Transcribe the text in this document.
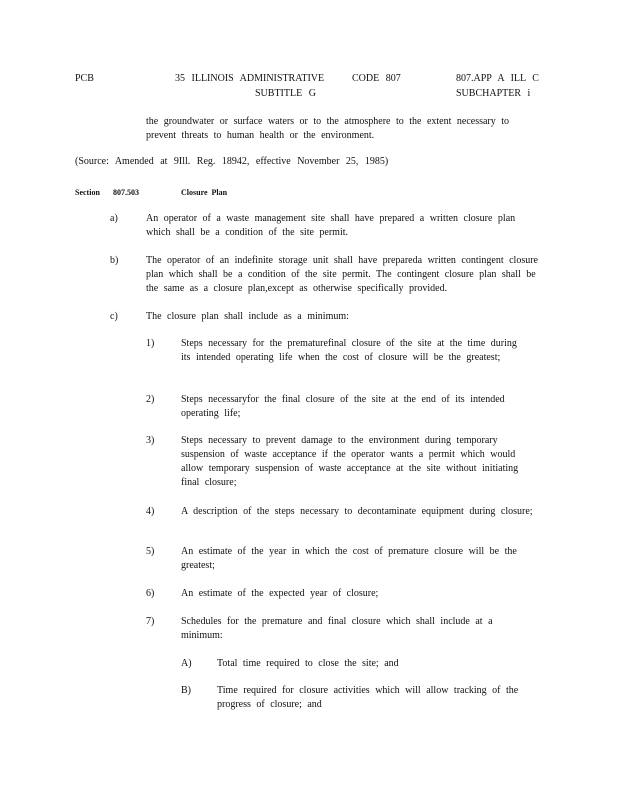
PCB	35 ILLINOIS ADMINISTRATIVE	CODE 807
SUBTITLE G
807.APP A ILL C
SUBCHAPTER i
the groundwater or surface waters or to the atmosphere to the extent necessary to prevent threats to human health or the environment.
(Source: Amended at 9Ill. Reg. 18942, effective November 25, 1985)
Section 807.503	Closure Plan
a)	An operator of a waste management site shall have prepared a written closure plan which shall be a condition of the site permit.
b)	The operator of an indefinite storage unit shall have prepareda written contingent closure plan which shall be a condition of the site permit. The contingent closure plan shall be the same as a closure plan,except as otherwise specifically provided.
c)	The closure plan shall include as a minimum:
1)	Steps necessary for the prematurefinal closure of the site at the time during its intended operating life when the cost of closure will be the greatest;
2)	Steps necessaryfor the final closure of the site at the end of its intended operating life;
3)	Steps necessary to prevent damage to the environment during temporary suspension of waste acceptance if the operator wants a permit which would allow temporary suspension of waste acceptance at the site without initiating final closure;
4)	A description of the steps necessary to decontaminate equipment during closure;
5)	An estimate of the year in which the cost of premature closure will be the greatest;
6)	An estimate of the expected year of closure;
7)	Schedules for the premature and final closure which shall include at a minimum:
A)	Total time required to close the site; and
B)	Time required for closure activities which will allow tracking of the progress of closure; and
